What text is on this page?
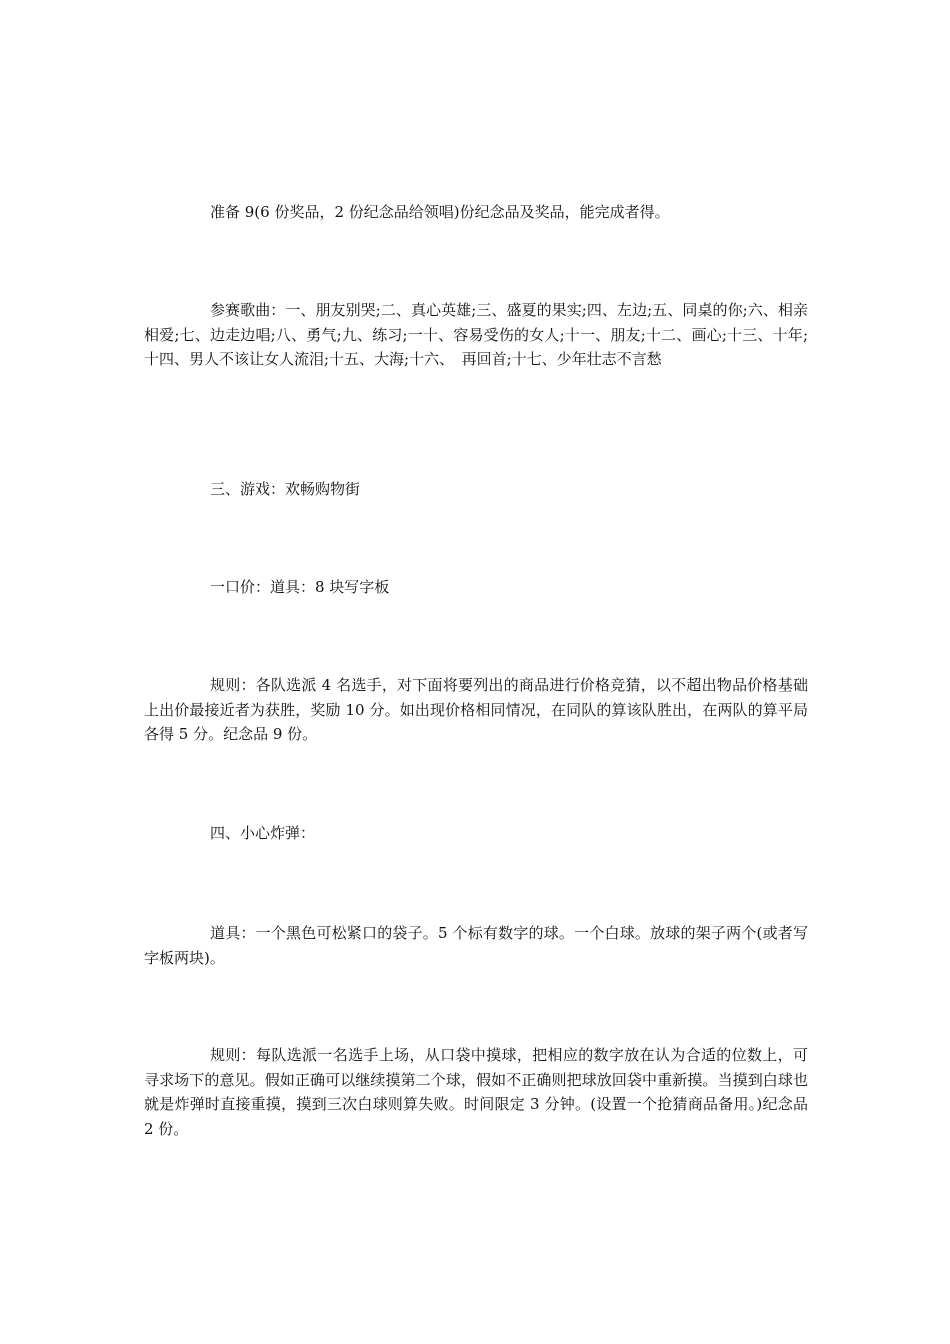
准备 9(6 份奖品，2 份纪念品给领唱)份纪念品及奖品，能完成者得。

参赛歌曲：一、朋友别哭;二、真心英雄;三、盛夏的果实;四、左边;五、同桌的你;六、相亲相爱;七、边走边唱;八、勇气;九、练习;一十、容易受伤的女人;十一、朋友;十二、画心;十三、十年;十四、男人不该让女人流泪;十五、大海;十六、　再回首;十七、少年壮志不言愁

三、游戏：欢畅购物街

一口价：道具：8 块写字板

规则：各队选派 4 名选手，对下面将要列出的商品进行价格竞猜，以不超出物品价格基础上出价最接近者为获胜，奖励 10 分。如出现价格相同情况，在同队的算该队胜出，在两队的算平局各得 5 分。纪念品 9 份。

四、小心炸弹：

道具：一个黑色可松紧口的袋子。5 个标有数字的球。一个白球。放球的架子两个(或者写字板两块)。

规则：每队选派一名选手上场，从口袋中摸球，把相应的数字放在认为合适的位数上，可寻求场下的意见。假如正确可以继续摸第二个球，假如不正确则把球放回袋中重新摸。当摸到白球也就是炸弹时直接重摸，摸到三次白球则算失败。时间限定 3 分钟。(设置一个抢猜商品备用。)纪念品 2 份。
